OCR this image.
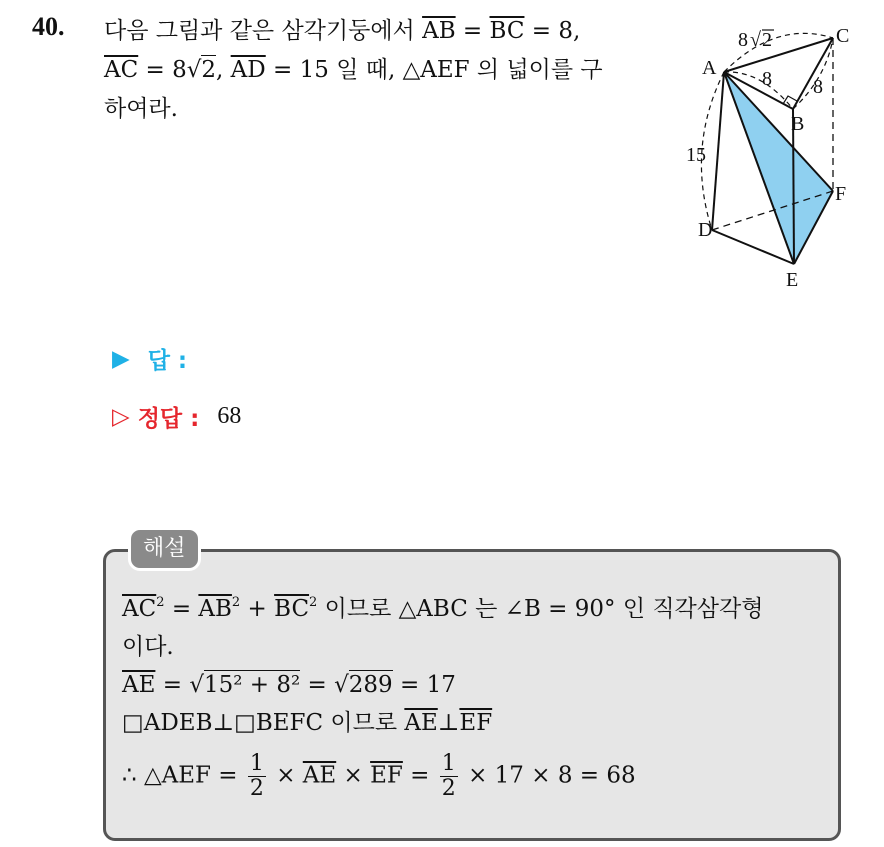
40. 다음 그림과 같은 삼각기둥에서 $\overline{AB} = \overline{BC} = 8$,
$\overline{AC} = 8√2$, $\overline{AD} = 15$ 일 때, △AEF 의 넓이를 구
하여라.
A
B
C
D
E
F
8 √ 2
8 8
15
▶ 답 :
▷ 정답 : 68
해설
$\overline{AC}^2 = \overline{AB}^2 + \overline{BC}^2$ 이므로 △ABC 는 ∠B = 90° 인 직각삼각형
이다.
$\overline{AE} = √15^2 + 8^2 = √289 = 17$
□ADEB⊥□BEFC 이므로 $\overline{AE}\perp\overline{EF}$
∴ △AEF = $\frac{1}{2} \times \overline{AE} \times \overline{EF} = \frac{1}{2} \times 17 \times 8 = 68$
